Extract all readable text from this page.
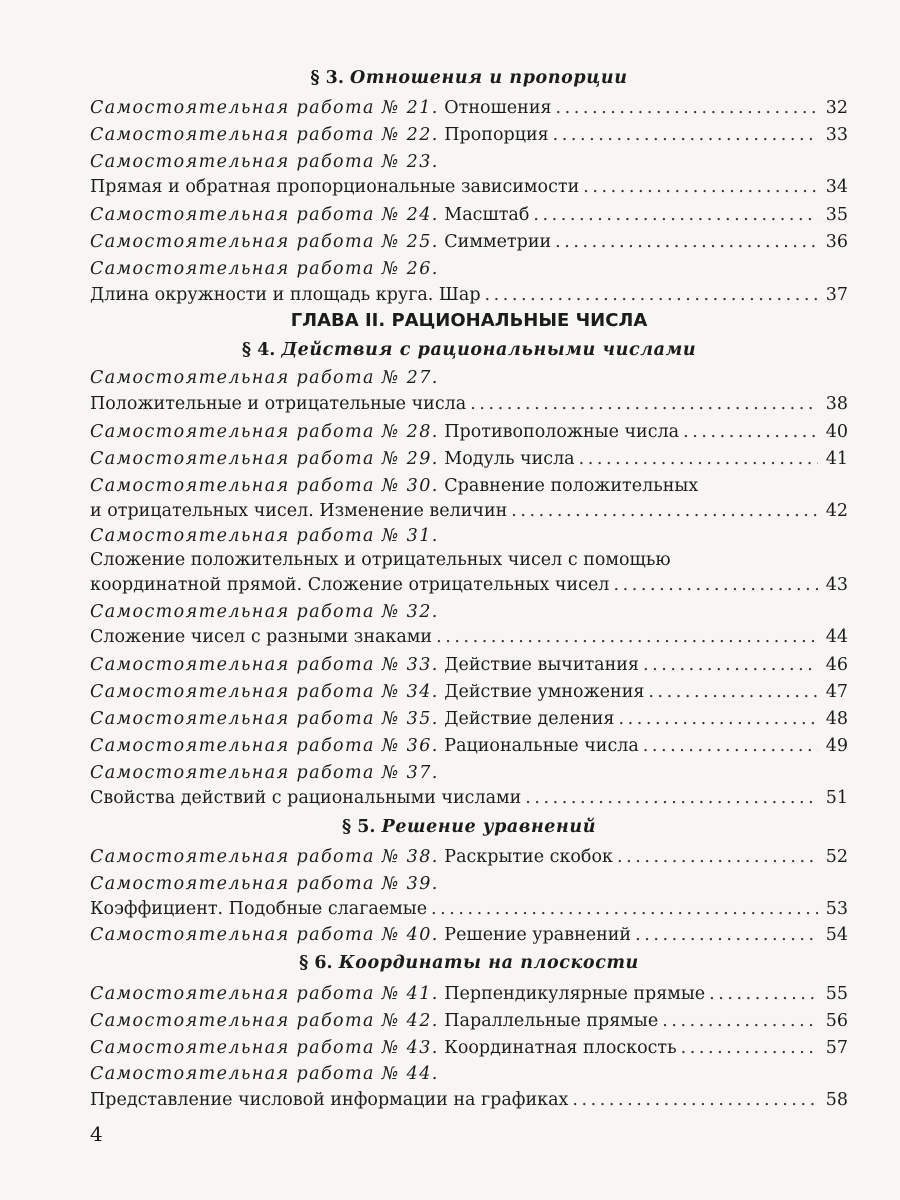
§ 3. Отношения и пропорции
Самостоятельная работа № 21. Отношения . . .	32
Самостоятельная работа № 22. Пропорция . . .	33
Самостоятельная работа № 23.
Прямая и обратная пропорциональные зависимости . . .	34
Самостоятельная работа № 24. Масштаб . . .	35
Самостоятельная работа № 25. Симметрии . . .	36
Самостоятельная работа № 26.
Длина окружности и площадь круга. Шар . . .	37
ГЛАВА II. РАЦИОНАЛЬНЫЕ ЧИСЛА
§ 4. Действия с рациональными числами
Самостоятельная работа № 27.
Положительные и отрицательные числа . . .	38
Самостоятельная работа № 28. Противоположные числа . . .	40
Самостоятельная работа № 29. Модуль числа . . .	41
Самостоятельная работа № 30. Сравнение положительных
и отрицательных чисел. Изменение величин . . .	42
Самостоятельная работа № 31.
Сложение положительных и отрицательных чисел с помощью
координатной прямой. Сложение отрицательных чисел . . .	43
Самостоятельная работа № 32.
Сложение чисел с разными знаками . . .	44
Самостоятельная работа № 33. Действие вычитания . . .	46
Самостоятельная работа № 34. Действие умножения . . .	47
Самостоятельная работа № 35. Действие деления . . .	48
Самостоятельная работа № 36. Рациональные числа . . .	49
Самостоятельная работа № 37.
Свойства действий с рациональными числами . . .	51
§ 5. Решение уравнений
Самостоятельная работа № 38. Раскрытие скобок . . .	52
Самостоятельная работа № 39.
Коэффициент. Подобные слагаемые . . .	53
Самостоятельная работа № 40. Решение уравнений . . .	54
§ 6. Координаты на плоскости
Самостоятельная работа № 41. Перпендикулярные прямые . . .	55
Самостоятельная работа № 42. Параллельные прямые . . .	56
Самостоятельная работа № 43. Координатная плоскость . . .	57
Самостоятельная работа № 44.
Представление числовой информации на графиках . . .	58
4
